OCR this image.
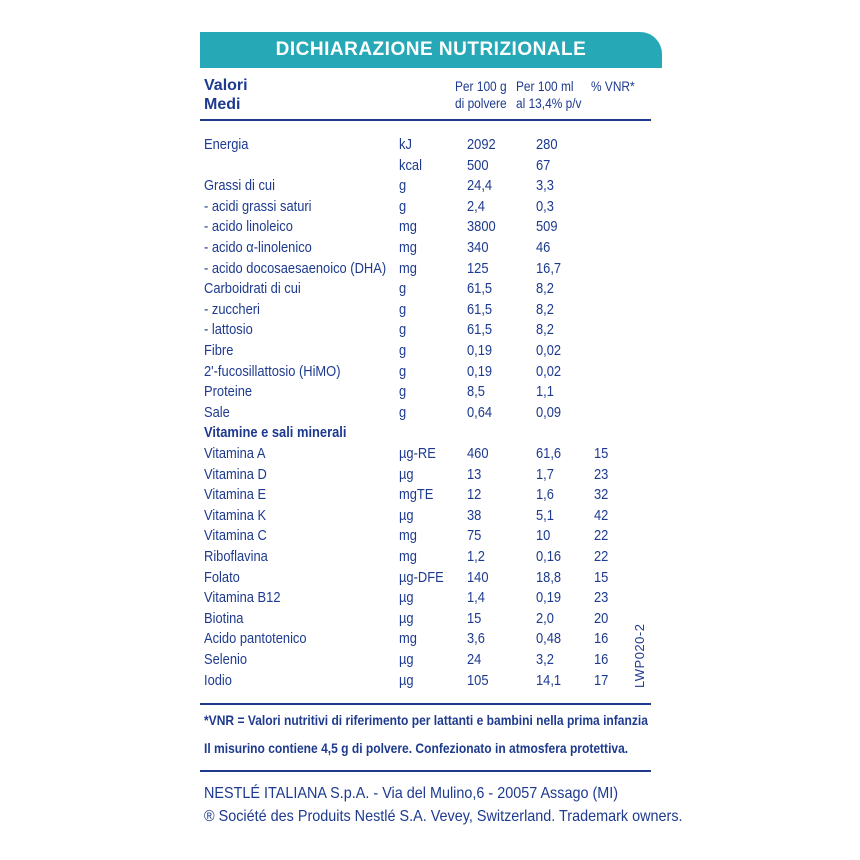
DICHIARAZIONE NUTRIZIONALE
Valori
Medi
Per 100 g
di polvere
Per 100 ml
al 13,4% p/v
% VNR*
Energia	kJ	2092	280
kcal	500	67
Grassi di cui	g	24,4	3,3
- acidi grassi saturi	g	2,4	0,3
- acido linoleico	mg	3800	509
- acido α-linolenico	mg	340	46
- acido docosaesaenoico (DHA) mg	125	16,7
Carboidrati di cui	g	61,5	8,2
- zuccheri	g	61,5	8,2
- lattosio	g	61,5	8,2
Fibre	g	0,19	0,02
2'-fucosillattosio (HiMO)	g	0,19	0,02
Proteine	g	8,5	1,1
Sale	g	0,64	0,09
Vitamine e sali minerali
Vitamina A	µg-RE 460	61,6 15
Vitamina D	µg	13	1,7	23
Vitamina E	mgTE 12	1,6	32
Vitamina K	µg	38	5,1	42
Vitamina C	mg	75	10	22
Riboflavina	mg	1,2	0,16 22
Folato	µg-DFE 140	18,8 15
Vitamina B12	µg	1,4	0,19 23
Biotina	µg	15	2,0	20
Acido pantotenico	mg	3,6	0,48 16
Selenio	µg	24	3,2	16
Iodio	µg	105	14,1 17 LWP020-2
*VNR = Valori nutritivi di riferimento per lattanti e bambini nella prima infanzia
Il misurino contiene 4,5 g di polvere. Confezionato in atmosfera protettiva.
NESTLÉ ITALIANA S.p.A. - Via del Mulino,6 - 20057 Assago (MI)
® Société des Produits Nestlé S.A. Vevey, Switzerland. Trademark owners.
